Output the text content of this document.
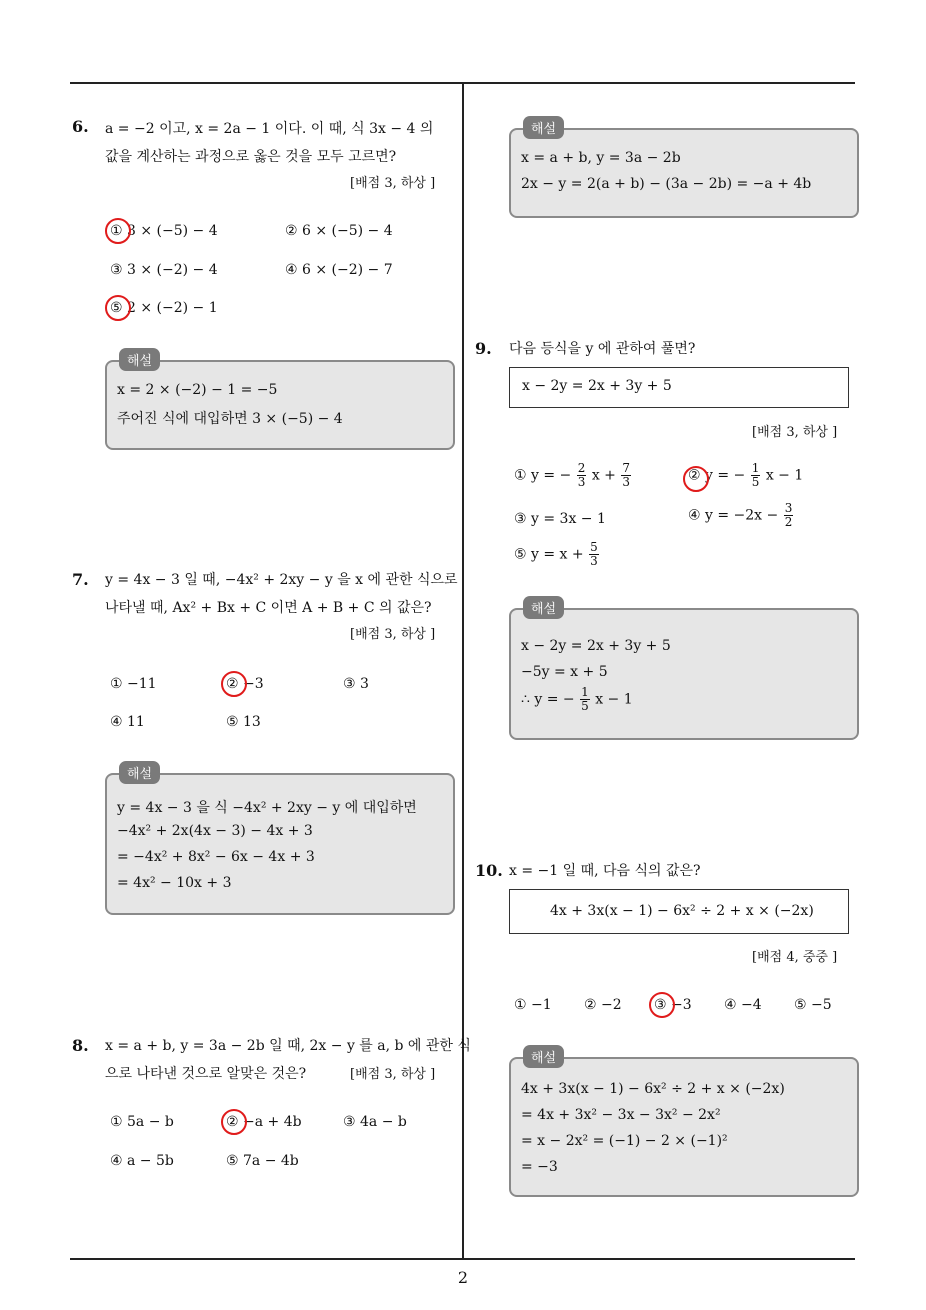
6. a = −2 이고, x = 2a − 1 이다. 이 때, 식 3x − 4 의
값을 계산하는 과정으로 옳은 것을 모두 고르면?
[배점 3, 하상 ]
① 3 × (−5) − 4	② 6 × (−5) − 4
③ 3 × (−2) − 4	④ 6 × (−2) − 7
⑤ 2 × (−2) − 1
해설
x = 2 × (−2) − 1 = −5
주어진 식에 대입하면 3 × (−5) − 4
7. y = 4x − 3 일 때, −4x² + 2xy − y 을 x 에 관한 식으로
나타낼 때, Ax² + Bx + C 이면 A + B + C 의 값은?
[배점 3, 하상 ]
① −11	② −3	③ 3
④ 11	⑤ 13
해설
y = 4x − 3 을 식 −4x² + 2xy − y 에 대입하면
−4x² + 2x(4x − 3) − 4x + 3
= −4x² + 8x² − 6x − 4x + 3
= 4x² − 10x + 3
8. x = a + b, y = 3a − 2b 일 때, 2x − y 를 a, b 에 관한 식
으로 나타낸 것으로 알맞은 것은?	[배점 3, 하상 ]
① 5a − b	② −a + 4b	③ 4a − b
④ a − 5b	⑤ 7a − 4b
해설
x = a + b, y = 3a − 2b
2x − y = 2(a + b) − (3a − 2b) = −a + 4b
9. 다음 등식을 y 에 관하여 풀면?
x − 2y = 2x + 3y + 5
[배점 3, 하상 ]
① y = − $\frac{2}{3}$ $x + \frac{7}{3}$	② y = − $\frac{1}{5}$ x − 1
③ y = 3x − 1	④ $y = -2x - \frac{3}{2}$
⑤ $y = x + \frac{5}{3}$
해설
x − 2y = 2x + 3y + 5
−5y = x + 5
∴ y = − $\frac{1}{5}$ x − 1
10. x = −1 일 때, 다음 식의 값은?
4x + 3x(x − 1) − 6x² ÷ 2 + x × (−2x)
[배점 4, 중중 ]
① −1 ② −2 ③ −3 ④ −4 ⑤ −5
해설
4x + 3x(x − 1) − 6x² ÷ 2 + x × (−2x)
= 4x + 3x² − 3x − 3x² − 2x²
= x − 2x² = (−1) − 2 × (−1)²
= −3
2
